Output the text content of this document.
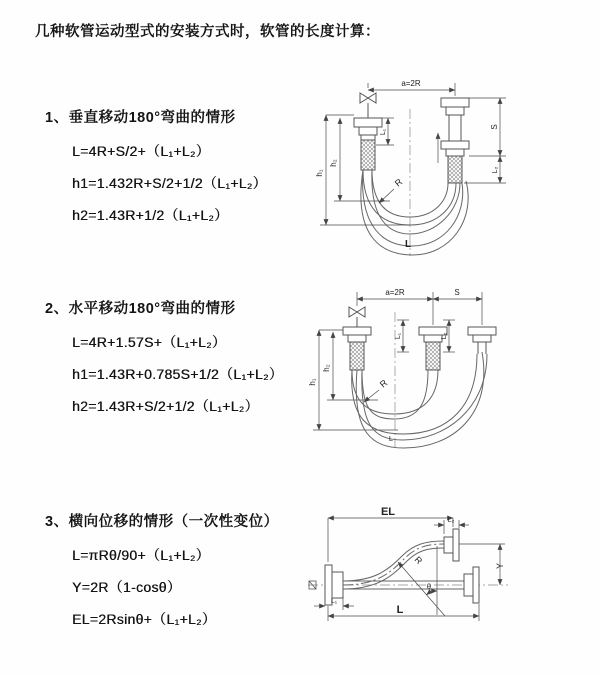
几种软管运动型式的安装方式时，软管的长度计算：
1、垂直移动180°弯曲的情形
L=4R+S/2+（L₁+L₂）
h1=1.432R+S/2+1/2（L₁+L₂）
h2=1.43R+1/2（L₁+L₂）
2、水平移动180°弯曲的情形
L=4R+1.57S+（L₁+L₂）
h1=1.43R+0.785S+1/2（L₁+L₂）
h2=1.43R+S/2+1/2（L₁+L₂）
3、横向位移的情形（一次性变位）
L=πRθ/90+（L₁+L₂）
Y=2R（1-cosθ）
EL=2Rsinθ+（L₁+L₂）
a=2R
h₁
h₂
L₁
S
L₂
R
L
a=2R	S
L₁	L₂
h₁
h₂
R
L
EL
L₂
Y
L
L₁
θ
R
